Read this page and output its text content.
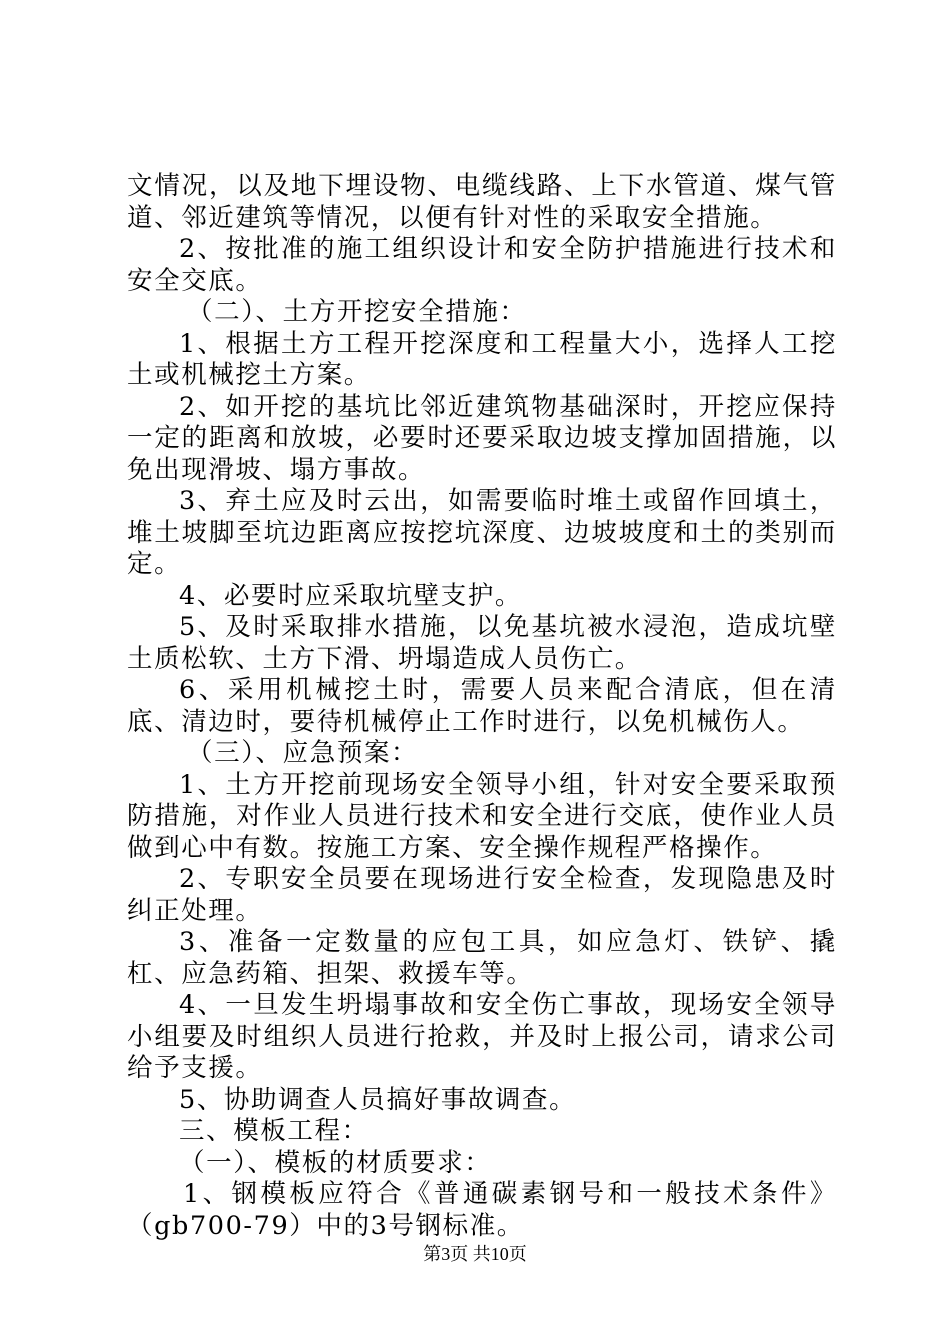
文情况，以及地下埋设物、电缆线路、上下水管道、煤气管道、邻近建筑等情况，以便有针对性的采取安全措施。

2、按批准的施工组织设计和安全防护措施进行技术和安全交底。

（二）、土方开挖安全措施：

1、根据土方工程开挖深度和工程量大小，选择人工挖土或机械挖土方案。

2、如开挖的基坑比邻近建筑物基础深时，开挖应保持一定的距离和放坡，必要时还要采取边坡支撑加固措施，以免出现滑坡、塌方事故。

3、弃土应及时云出，如需要临时堆土或留作回填土，堆土坡脚至坑边距离应按挖坑深度、边坡坡度和土的类别而定。

4、必要时应采取坑壁支护。

5、及时采取排水措施，以免基坑被水浸泡，造成坑壁土质松软、土方下滑、坍塌造成人员伤亡。

6、采用机械挖土时，需要人员来配合清底，但在清底、清边时，要待机械停止工作时进行，以免机械伤人。

（三）、应急预案：

1、土方开挖前现场安全领导小组，针对安全要采取预防措施，对作业人员进行技术和安全进行交底，使作业人员做到心中有数。按施工方案、安全操作规程严格操作。

2、专职安全员要在现场进行安全检查，发现隐患及时纠正处理。

3、准备一定数量的应包工具，如应急灯、铁铲、撬杠、应急药箱、担架、救援车等。

4、一旦发生坍塌事故和安全伤亡事故，现场安全领导小组要及时组织人员进行抢救，并及时上报公司，请求公司给予支援。

5、协助调查人员搞好事故调查。

三、模板工程：

（一）、模板的材质要求：

1、钢模板应符合《普通碳素钢号和一般技术条件》（gb700-79）中的3号钢标准。

第3页 共10页
